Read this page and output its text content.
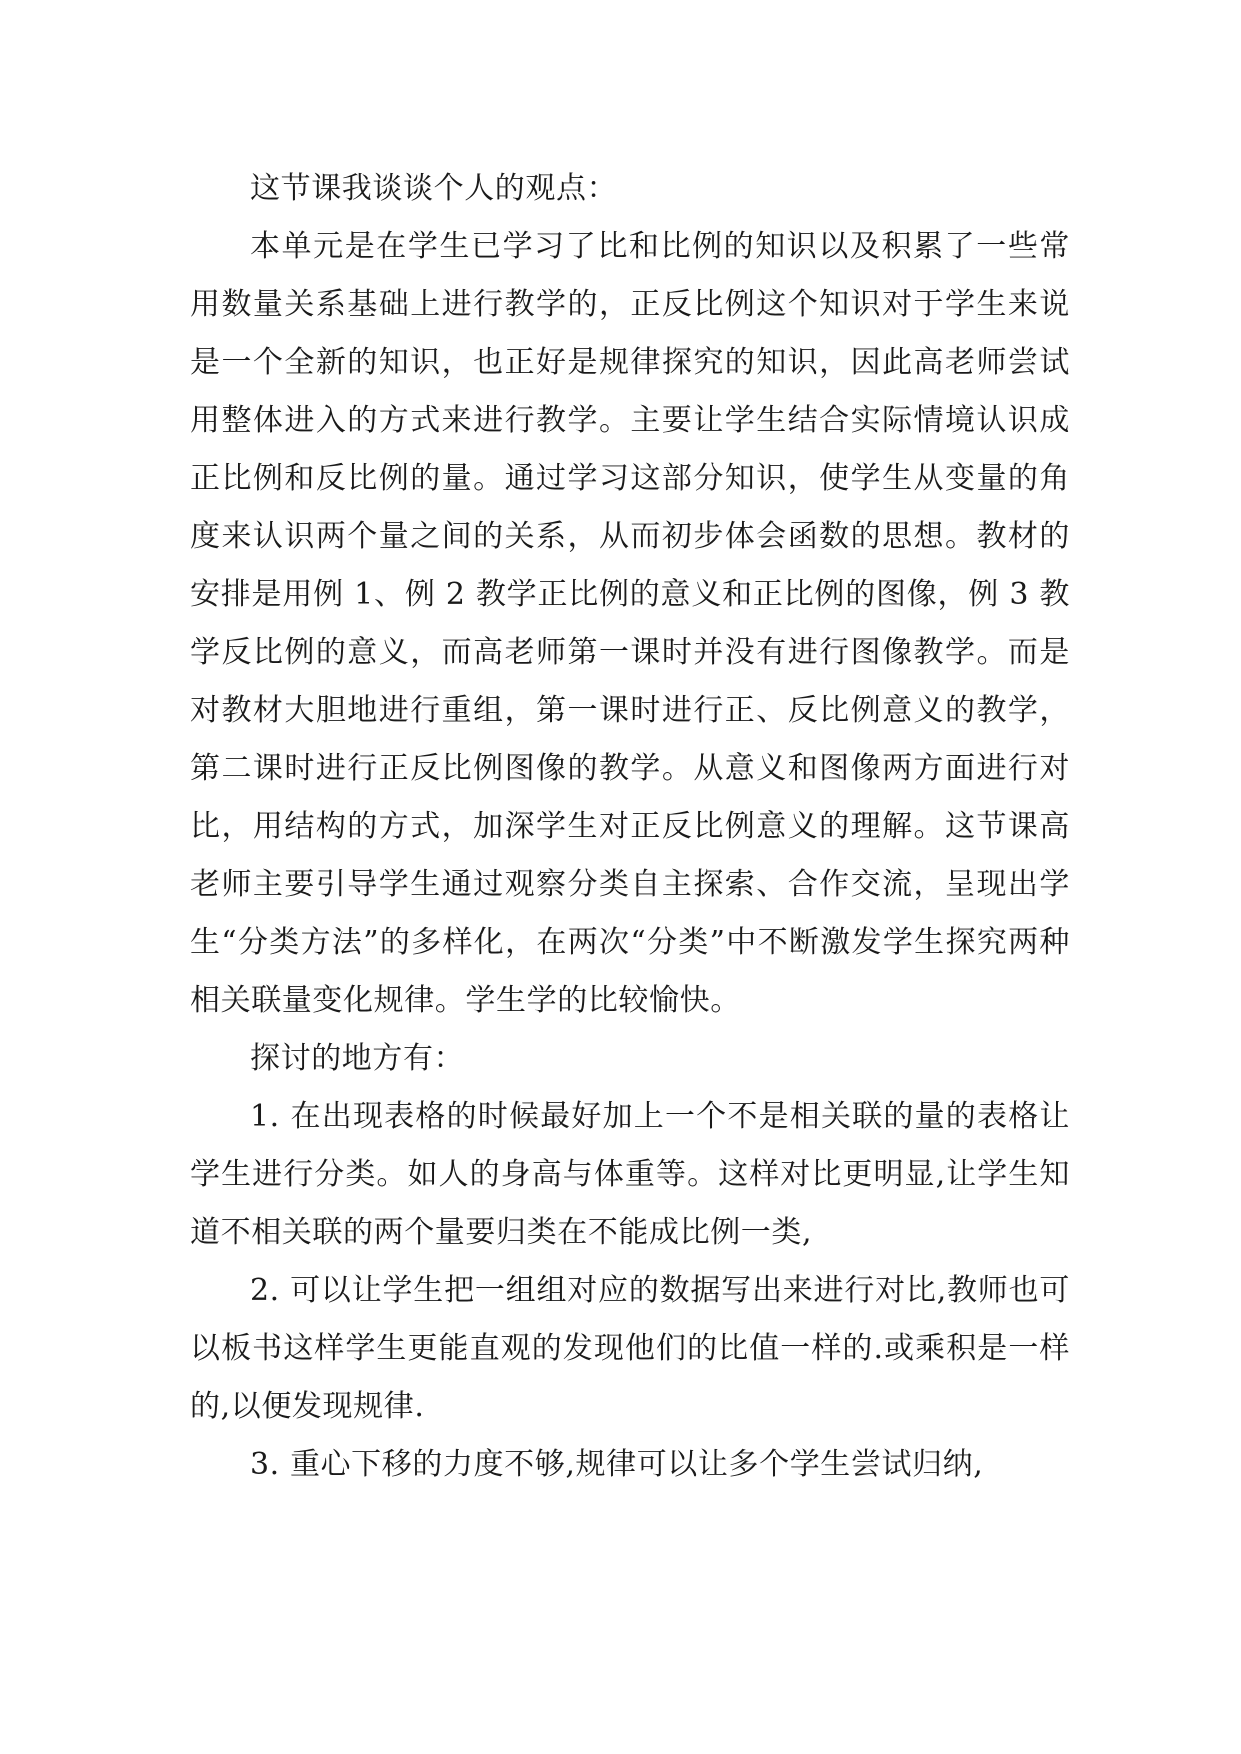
这节课我谈谈个人的观点：

本单元是在学生已学习了比和比例的知识以及积累了一些常用数量关系基础上进行教学的，正反比例这个知识对于学生来说是一个全新的知识，也正好是规律探究的知识，因此高老师尝试用整体进入的方式来进行教学。主要让学生结合实际情境认识成正比例和反比例的量。通过学习这部分知识，使学生从变量的角度来认识两个量之间的关系，从而初步体会函数的思想。教材的安排是用例 1、例 2 教学正比例的意义和正比例的图像，例 3 教学反比例的意义，而高老师第一课时并没有进行图像教学。而是对教材大胆地进行重组，第一课时进行正、反比例意义的教学，第二课时进行正反比例图像的教学。从意义和图像两方面进行对比，用结构的方式，加深学生对正反比例意义的理解。这节课高老师主要引导学生通过观察分类自主探索、合作交流，呈现出学生“分类方法”的多样化，在两次“分类”中不断激发学生探究两种相关联量变化规律。学生学的比较愉快。

探讨的地方有：

1. 在出现表格的时候最好加上一个不是相关联的量的表格让学生进行分类。如人的身高与体重等。这样对比更明显,让学生知道不相关联的两个量要归类在不能成比例一类,

2. 可以让学生把一组组对应的数据写出来进行对比,教师也可以板书这样学生更能直观的发现他们的比值一样的.或乘积是一样的,以便发现规律.

3. 重心下移的力度不够,规律可以让多个学生尝试归纳,
